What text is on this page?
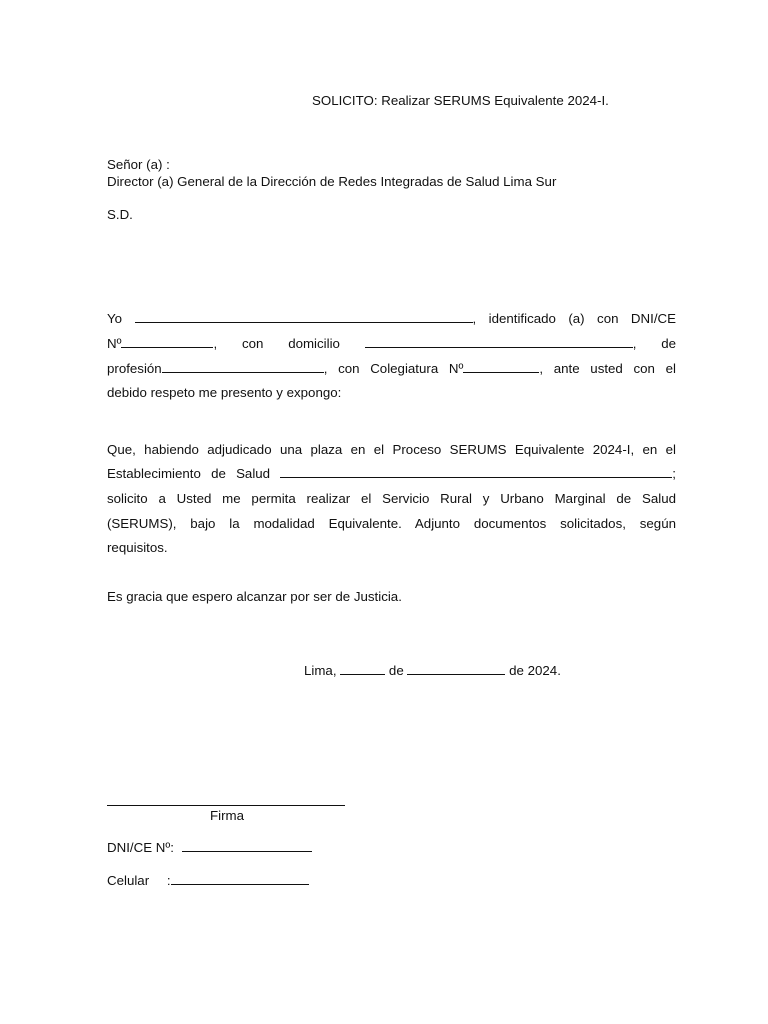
SOLICITO: Realizar SERUMS Equivalente 2024-I.
Señor (a) :
Director (a) General de la Dirección de Redes Integradas de Salud Lima Sur
S.D.
Yo	, identificado (a) con DNI/CE
Nº	, con domicilio	, de
profesión	, con Colegiatura Nº	, ante usted con el
debido respeto me presento y expongo:
Que, habiendo adjudicado una plaza en el Proceso SERUMS Equivalente 2024-I, en el
Establecimiento de Salud	;
solicito a Usted me permita realizar el Servicio Rural y Urbano Marginal de Salud
(SERUMS), bajo la modalidad Equivalente. Adjunto documentos solicitados, según
requisitos.
Es gracia que espero alcanzar por ser de Justicia.
Lima,	de	de 2024.
Firma
DNI/CE Nº:
Celular :
